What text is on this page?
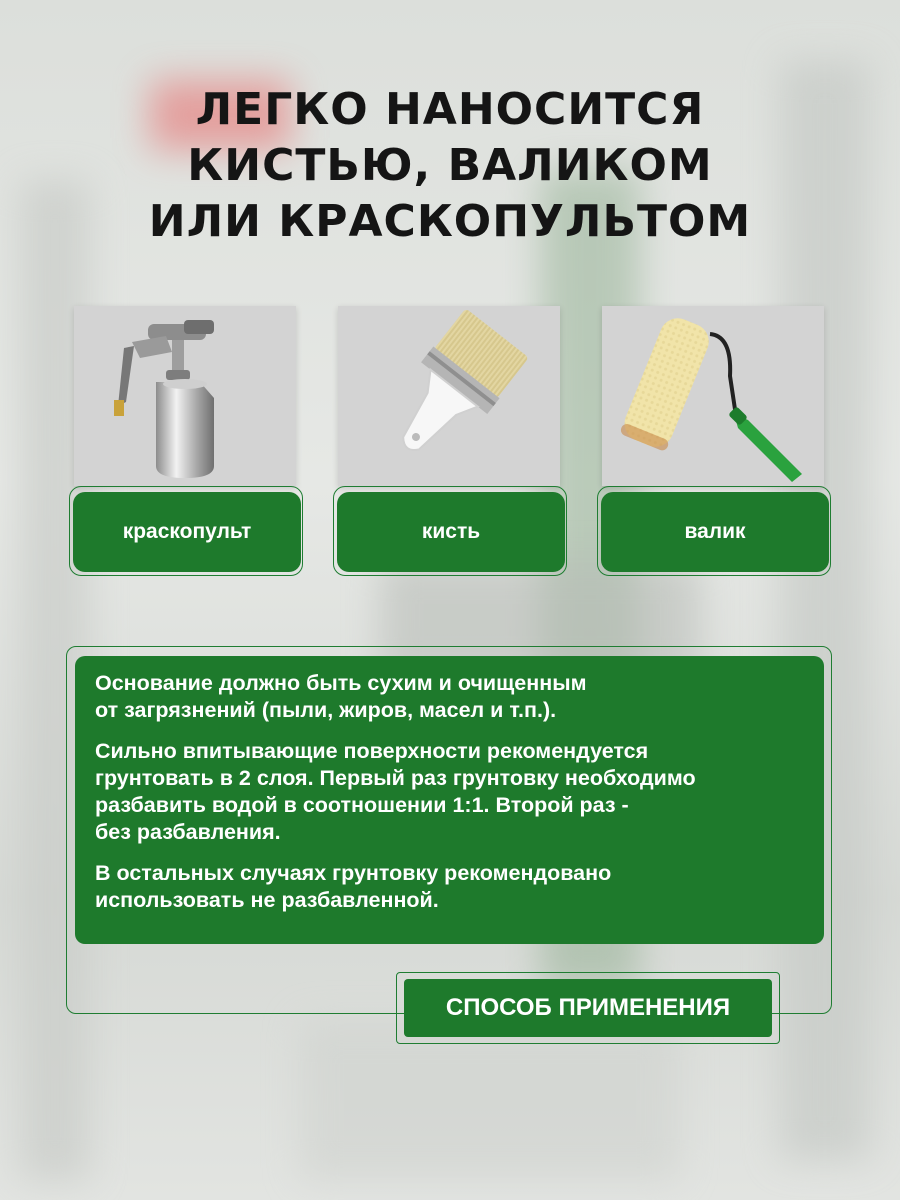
ЛЕГКО НАНОСИТСЯ
КИСТЬЮ, ВАЛИКОМ
ИЛИ КРАСКОПУЛЬТОМ
краскопульт	кисть	валик

Основание должно быть сухим и очищенным
от загрязнений (пыли, жиров, масел и т.п.).

Сильно впитывающие поверхности рекомендуется
грунтовать в 2 слоя. Первый раз грунтовку необходимо
разбавить водой в соотношении 1:1. Второй раз -
без разбавления.

В остальных случаях грунтовку рекомендовано
использовать не разбавленной.

СПОСОБ ПРИМЕНЕНИЯ
